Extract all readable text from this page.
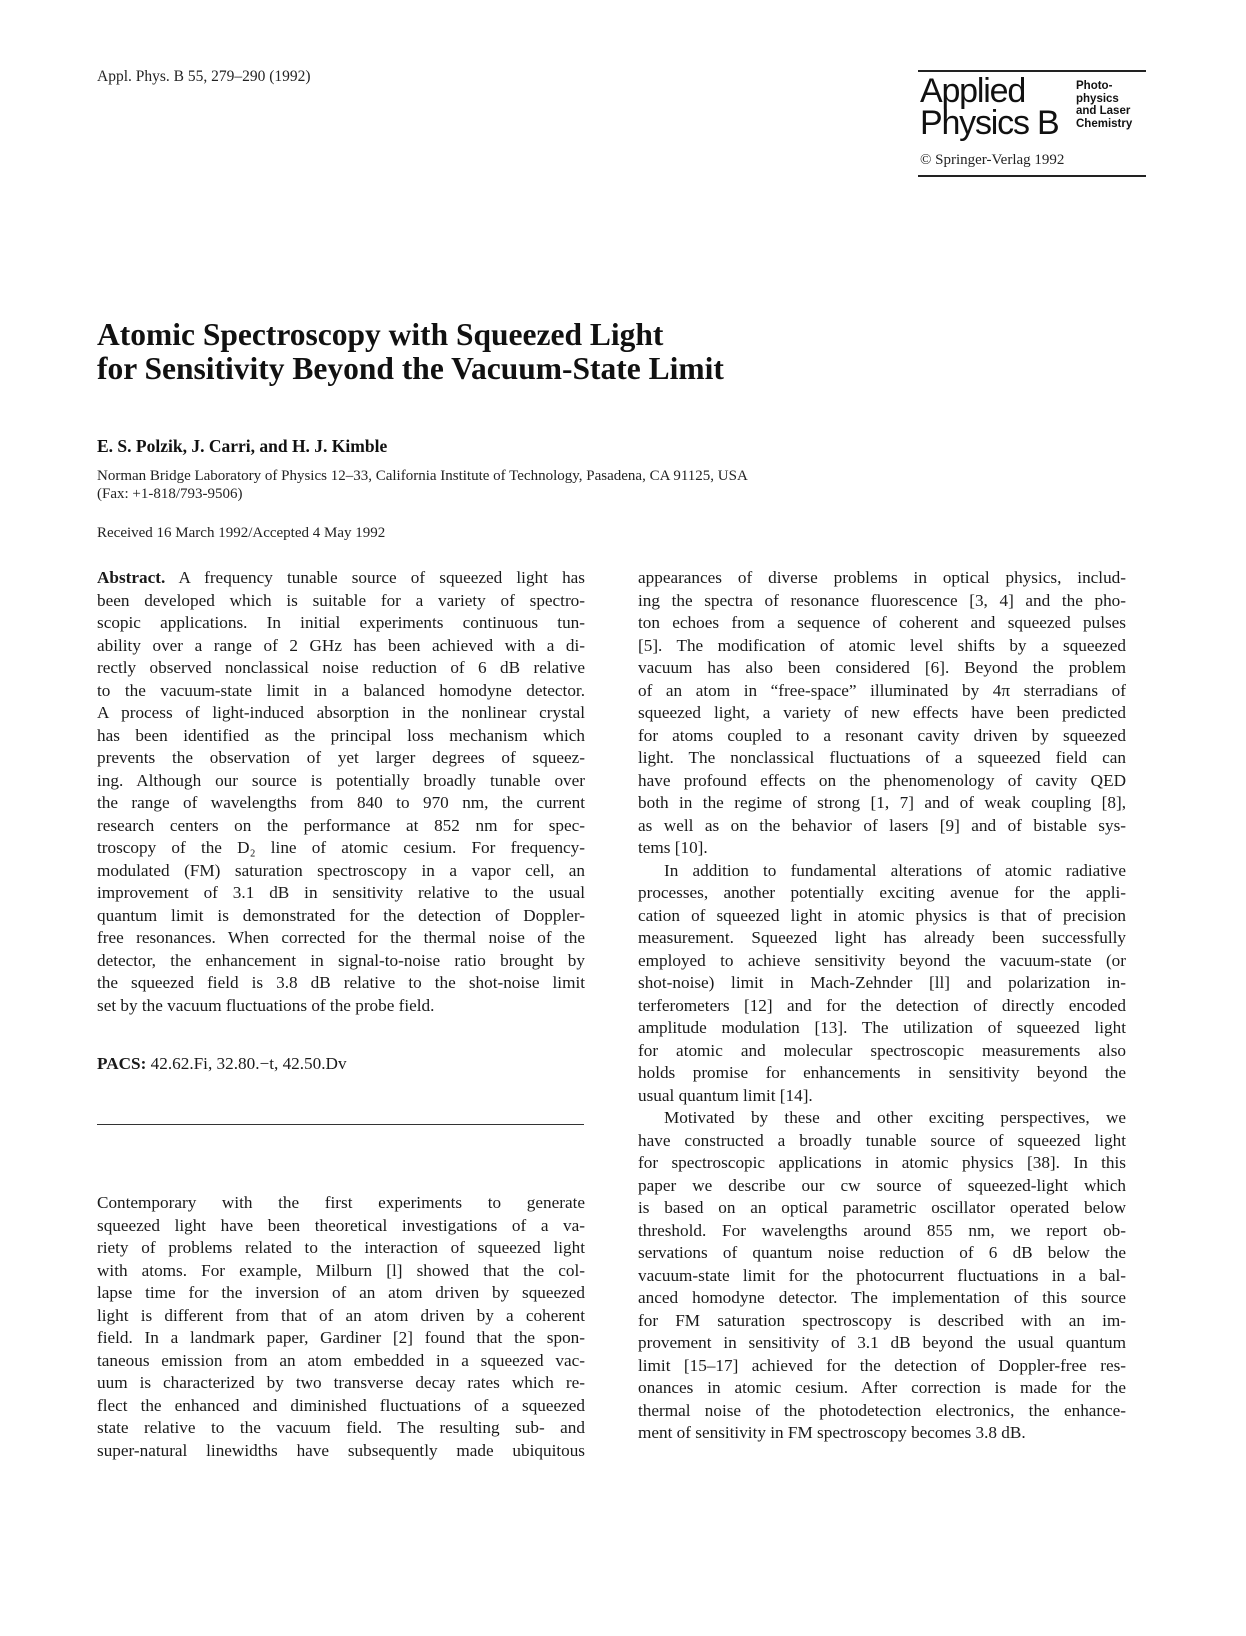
Appl. Phys. B 55, 279–290 (1992)	Applied
Physics B
Photo-
physics
and Laser
Chemistry
© Springer-Verlag 1992
Atomic Spectroscopy with Squeezed Light
for Sensitivity Beyond the Vacuum-State Limit
E. S. Polzik, J. Carri, and H. J. Kimble
Norman Bridge Laboratory of Physics 12–33, California Institute of Technology, Pasadena, CA 91125, USA
(Fax: +1-818/793-9506)
Received 16 March 1992/Accepted 4 May 1992
Abstract. A frequency tunable source of squeezed light has
been developed which is suitable for a variety of spectro-
scopic applications. In initial experiments continuous tun-
ability over a range of 2 GHz has been achieved with a di-
rectly observed nonclassical noise reduction of 6 dB relative
to the vacuum-state limit in a balanced homodyne detector.
A process of light-induced absorption in the nonlinear crystal
has been identified as the principal loss mechanism which
prevents the observation of yet larger degrees of squeez-
ing. Although our source is potentially broadly tunable over
the range of wavelengths from 840 to 970 nm, the current
research centers on the performance at 852 nm for spec-
troscopy of the D₂ line of atomic cesium. For frequency-
modulated (FM) saturation spectroscopy in a vapor cell, an
improvement of 3.1 dB in sensitivity relative to the usual
quantum limit is demonstrated for the detection of Doppler-
free resonances. When corrected for the thermal noise of the
detector, the enhancement in signal-to-noise ratio brought by
the squeezed field is 3.8 dB relative to the shot-noise limit
set by the vacuum fluctuations of the probe field.
PACS: 42.62.Fi, 32.80.−t, 42.50.Dv
Contemporary with the first experiments to generate
squeezed light have been theoretical investigations of a va-
riety of problems related to the interaction of squeezed light
with atoms. For example, Milburn [l] showed that the col-
lapse time for the inversion of an atom driven by squeezed
light is different from that of an atom driven by a coherent
field. In a landmark paper, Gardiner [2] found that the spon-
taneous emission from an atom embedded in a squeezed vac-
uum is characterized by two transverse decay rates which re-
flect the enhanced and diminished fluctuations of a squeezed
state relative to the vacuum field. The resulting sub- and
super-natural linewidths have subsequently made ubiquitous
appearances of diverse problems in optical physics, includ-
ing the spectra of resonance fluorescence [3, 4] and the pho-
ton echoes from a sequence of coherent and squeezed pulses
[5]. The modification of atomic level shifts by a squeezed
vacuum has also been considered [6]. Beyond the problem
of an atom in “free-space” illuminated by 4π sterradians of
squeezed light, a variety of new effects have been predicted
for atoms coupled to a resonant cavity driven by squeezed
light. The nonclassical fluctuations of a squeezed field can
have profound effects on the phenomenology of cavity QED
both in the regime of strong [1, 7] and of weak coupling [8],
as well as on the behavior of lasers [9] and of bistable sys-
tems [10].
In addition to fundamental alterations of atomic radiative
processes, another potentially exciting avenue for the appli-
cation of squeezed light in atomic physics is that of precision
measurement. Squeezed light has already been successfully
employed to achieve sensitivity beyond the vacuum-state (or
shot-noise) limit in Mach-Zehnder [ll] and polarization in-
terferometers [12] and for the detection of directly encoded
amplitude modulation [13]. The utilization of squeezed light
for atomic and molecular spectroscopic measurements also
holds promise for enhancements in sensitivity beyond the
usual quantum limit [14].
Motivated by these and other exciting perspectives, we
have constructed a broadly tunable source of squeezed light
for spectroscopic applications in atomic physics [38]. In this
paper we describe our cw source of squeezed-light which
is based on an optical parametric oscillator operated below
threshold. For wavelengths around 855 nm, we report ob-
servations of quantum noise reduction of 6 dB below the
vacuum-state limit for the photocurrent fluctuations in a bal-
anced homodyne detector. The implementation of this source
for FM saturation spectroscopy is described with an im-
provement in sensitivity of 3.1 dB beyond the usual quantum
limit [15–17] achieved for the detection of Doppler-free res-
onances in atomic cesium. After correction is made for the
thermal noise of the photodetection electronics, the enhance-
ment of sensitivity in FM spectroscopy becomes 3.8 dB.
